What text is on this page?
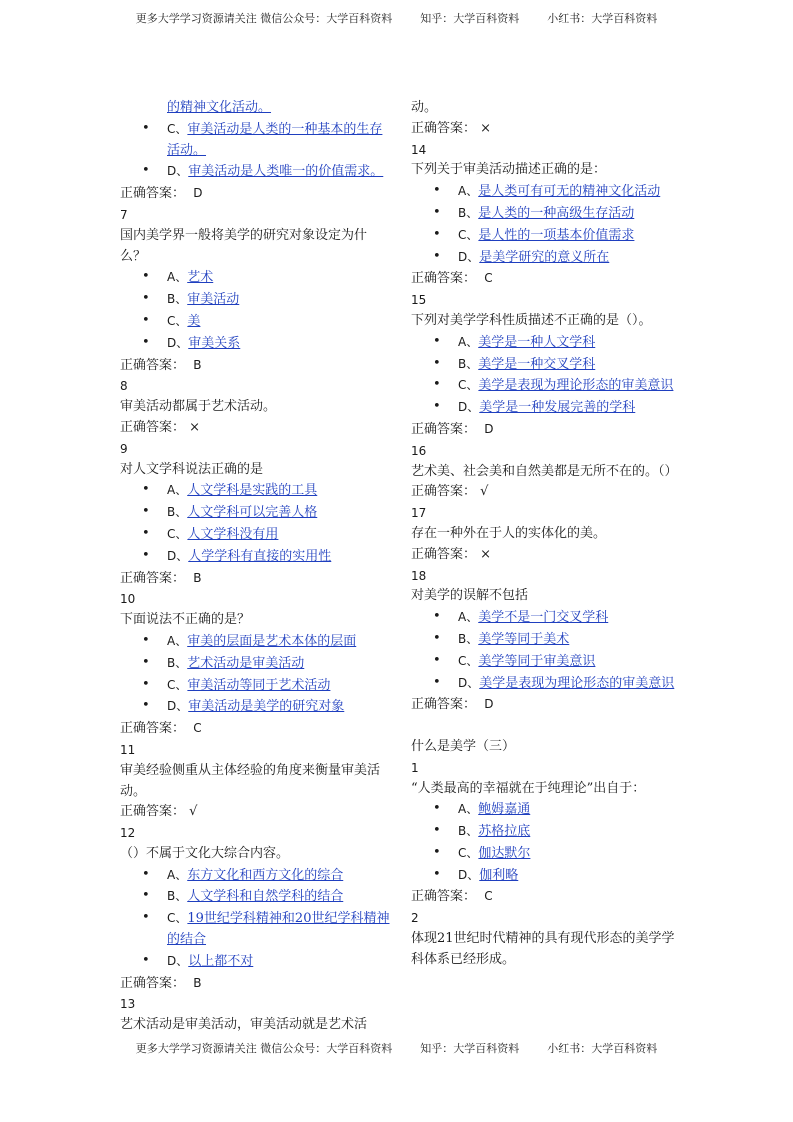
更多大学学习资源请关注 微信公众号：大学百科资料        知乎：大学百科资料        小红书：大学百科资料
的精神文化活动。
• C、审美活动是人类的一种基本的生存活动。
• D、审美活动是人类唯一的价值需求。

正确答案： D

7

国内美学界一般将美学的研究对象设定为什么？

• A、艺术
• B、审美活动
• C、美
• D、审美关系

正确答案： B

8

审美活动都属于艺术活动。

正确答案： ×

9

对人文学科说法正确的是

• A、人文学科是实践的工具
• B、人文学科可以完善人格
• C、人文学科没有用
• D、人学学科有直接的实用性

正确答案： B

10

下面说法不正确的是？

• A、审美的层面是艺术本体的层面
• B、艺术活动是审美活动
• C、审美活动等同于艺术活动
• D、审美活动是美学的研究对象

正确答案： C

11

审美经验侧重从主体经验的角度来衡量审美活动。

正确答案： √

12

（）不属于文化大综合内容。

• A、东方文化和西方文化的综合
• B、人文学科和自然学科的结合
• C、19世纪学科精神和20世纪学科精神的结合
• D、以上都不对

正确答案： B

13

艺术活动是审美活动，审美活动就是艺术活

动。

正确答案： ×

14

下列关于审美活动描述正确的是：

• A、是人类可有可无的精神文化活动
• B、是人类的一种高级生存活动
• C、是人性的一项基本价值需求
• D、是美学研究的意义所在

正确答案： C

15

下列对美学学科性质描述不正确的是（）。

• A、美学是一种人文学科
• B、美学是一种交叉学科
• C、美学是表现为理论形态的审美意识
• D、美学是一种发展完善的学科

正确答案： D

16

艺术美、社会美和自然美都是无所不在的。（）

正确答案： √

17

存在一种外在于人的实体化的美。

正确答案： ×

18

对美学的误解不包括

• A、美学不是一门交叉学科
• B、美学等同于美术
• C、美学等同于审美意识
• D、美学是表现为理论形态的审美意识

正确答案： D

什么是美学（三）

1

“人类最高的幸福就在于纯理论”出自于：

• A、鲍姆嘉通
• B、苏格拉底
• C、伽达默尔
• D、伽利略

正确答案： C

2

体现21世纪时代精神的具有现代形态的美学学科体系已经形成。

更多大学学习资源请关注 微信公众号：大学百科资料        知乎：大学百科资料        小红书：大学百科资料
